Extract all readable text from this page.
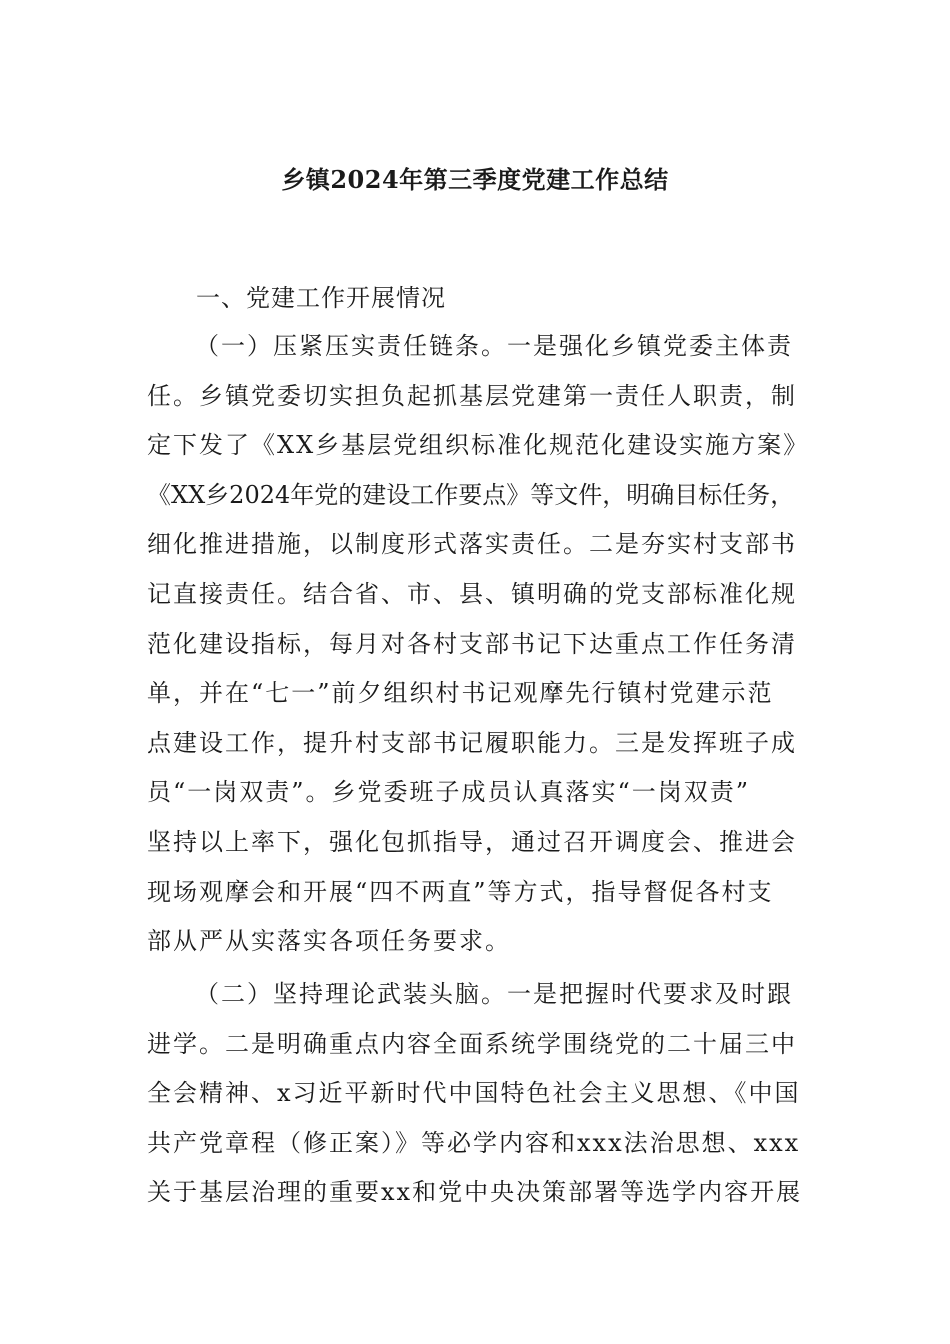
乡镇2024年第三季度党建工作总结
一、党建工作开展情况
（一）压紧压实责任链条。一是强化乡镇党委主体责
任。乡镇党委切实担负起抓基层党建第一责任人职责，制
定下发了《XX乡基层党组织标准化规范化建设实施方案》
《XX乡2024年党的建设工作要点》等文件，明确目标任务，
细化推进措施，以制度形式落实责任。二是夯实村支部书
记直接责任。结合省、市、县、镇明确的党支部标准化规
范化建设指标，每月对各村支部书记下达重点工作任务清
单，并在“七一”前夕组织村书记观摩先行镇村党建示范
点建设工作，提升村支部书记履职能力。三是发挥班子成
员“一岗双责”。乡党委班子成员认真落实“一岗双责”
坚持以上率下，强化包抓指导，通过召开调度会、推进会
现场观摩会和开展“四不两直”等方式，指导督促各村支
部从严从实落实各项任务要求。
（二）坚持理论武装头脑。一是把握时代要求及时跟
进学。二是明确重点内容全面系统学围绕党的二十届三中
全会精神、x习近平新时代中国特色社会主义思想、《中国
共产党章程（修正案）》等必学内容和xxx法治思想、xxx
关于基层治理的重要xx和党中央决策部署等选学内容开展
